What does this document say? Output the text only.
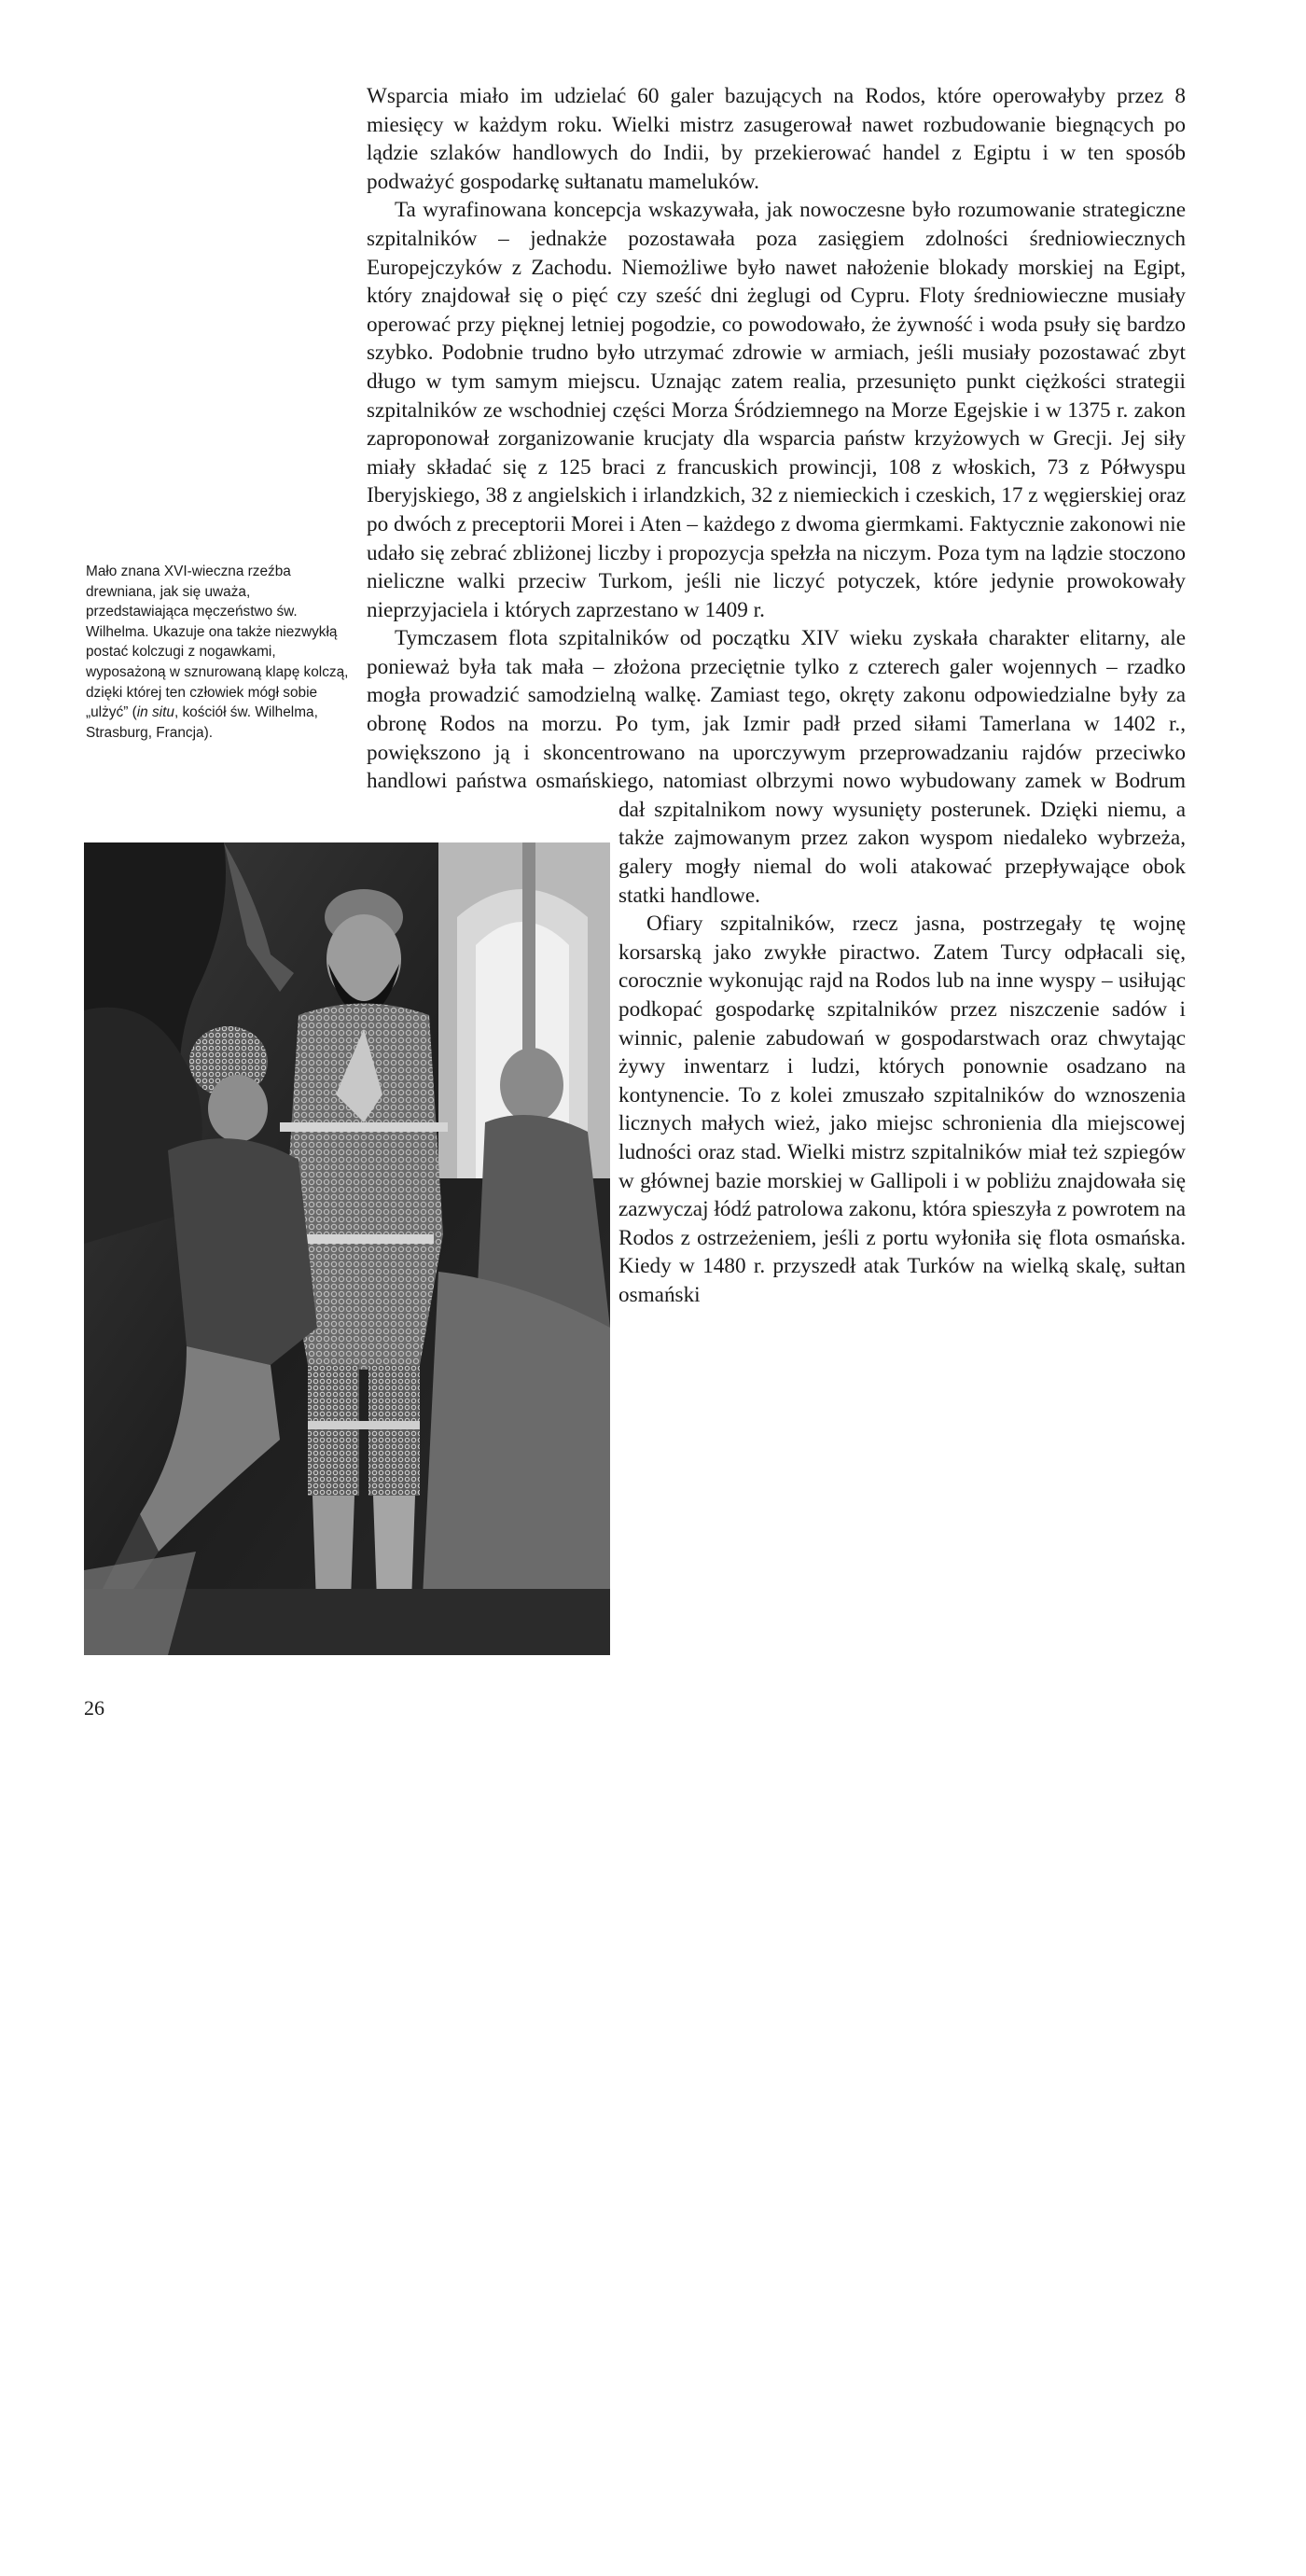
Mało znana XVI-wieczna rzeźba drewniana, jak się uważa, przedstawiająca męczeństwo św. Wilhelma. Ukazuje ona także niezwykłą postać kolczugi z nogawkami, wyposażoną w sznurowaną klapę kolczą, dzięki której ten człowiek mógł sobie „ulżyć” (in situ, kościół św. Wilhelma, Strasburg, Francja).

Wsparcia miało im udzielać 60 galer bazujących na Rodos, które operowałyby przez 8 miesięcy w każdym roku. Wielki mistrz zasugerował nawet rozbudowanie biegnących po lądzie szlaków handlowych do Indii, by przekierować handel z Egiptu i w ten sposób podważyć gospodarkę sułtanatu mameluków.

Ta wyrafinowana koncepcja wskazywała, jak nowoczesne było rozumowanie strategiczne szpitalników – jednakże pozostawała poza zasięgiem zdolności średniowiecznych Europejczyków z Zachodu. Niemożliwe było nawet nałożenie blokady morskiej na Egipt, który znajdował się o pięć czy sześć dni żeglugi od Cypru. Floty średniowieczne musiały operować przy pięknej letniej pogodzie, co powodowało, że żywność i woda psuły się bardzo szybko. Podobnie trudno było utrzymać zdrowie w armiach, jeśli musiały pozostawać zbyt długo w tym samym miejscu. Uznając zatem realia, przesunięto punkt ciężkości strategii szpitalników ze wschodniej części Morza Śródziemnego na Morze Egejskie i w 1375 r. zakon zaproponował zorganizowanie krucjaty dla wsparcia państw krzyżowych w Grecji. Jej siły miały składać się z 125 braci z francuskich prowincji, 108 z włoskich, 73 z Półwyspu Iberyjskiego, 38 z angielskich i irlandzkich, 32 z niemieckich i czeskich, 17 z węgierskiej oraz po dwóch z preceptorii Morei i Aten – każdego z dwoma giermkami. Faktycznie zakonowi nie udało się zebrać zbliżonej liczby i propozycja spełzła na niczym. Poza tym na lądzie stoczono nieliczne walki przeciw Turkom, jeśli nie liczyć potyczek, które jedynie prowokowały nieprzyjaciela i których zaprzestano w 1409 r.

Tymczasem flota szpitalników od początku XIV wieku zyskała charakter elitarny, ale ponieważ była tak mała – złożona przeciętnie tylko z czterech galer wojennych – rzadko mogła prowadzić samodzielną walkę. Zamiast tego, okręty zakonu odpowiedzialne były za obronę Rodos na morzu. Po tym, jak Izmir padł przed siłami Tamerlana w 1402 r., powiększono ją i skoncentrowano na uporczywym przeprowadzaniu rajdów przeciwko handlowi państwa osmańskiego, natomiast olbrzymi nowo wybudowany zamek w Bodrum dał szpitalnikom nowy wysunięty posterunek. Dzięki niemu, a także zajmowanym przez zakon wyspom niedaleko wybrzeża, galery mogły niemal do woli atakować przepływające obok statki handlowe.

Ofiary szpitalników, rzecz jasna, postrzegały tę wojnę korsarską jako zwykłe piractwo. Zatem Turcy odpłacali się, corocznie wykonując rajd na Rodos lub na inne wyspy – usiłując podkopać gospodarkę szpitalników przez niszczenie sadów i winnic, palenie zabudowań w gospodarstwach oraz chwytając żywy inwentarz i ludzi, których ponownie osadzano na kontynencie. To z kolei zmuszało szpitalników do wznoszenia licznych małych wież, jako miejsc schronienia dla miejscowej ludności oraz stad. Wielki mistrz szpitalników miał też szpiegów w głównej bazie morskiej w Gallipoli i w pobliżu znajdowała się zazwyczaj łódź patrolowa zakonu, która spieszyła z powrotem na Rodos z ostrzeżeniem, jeśli z portu wyłoniła się flota osmańska. Kiedy w 1480 r. przyszedł atak Turków na wielką skalę, sułtan osmański

26
